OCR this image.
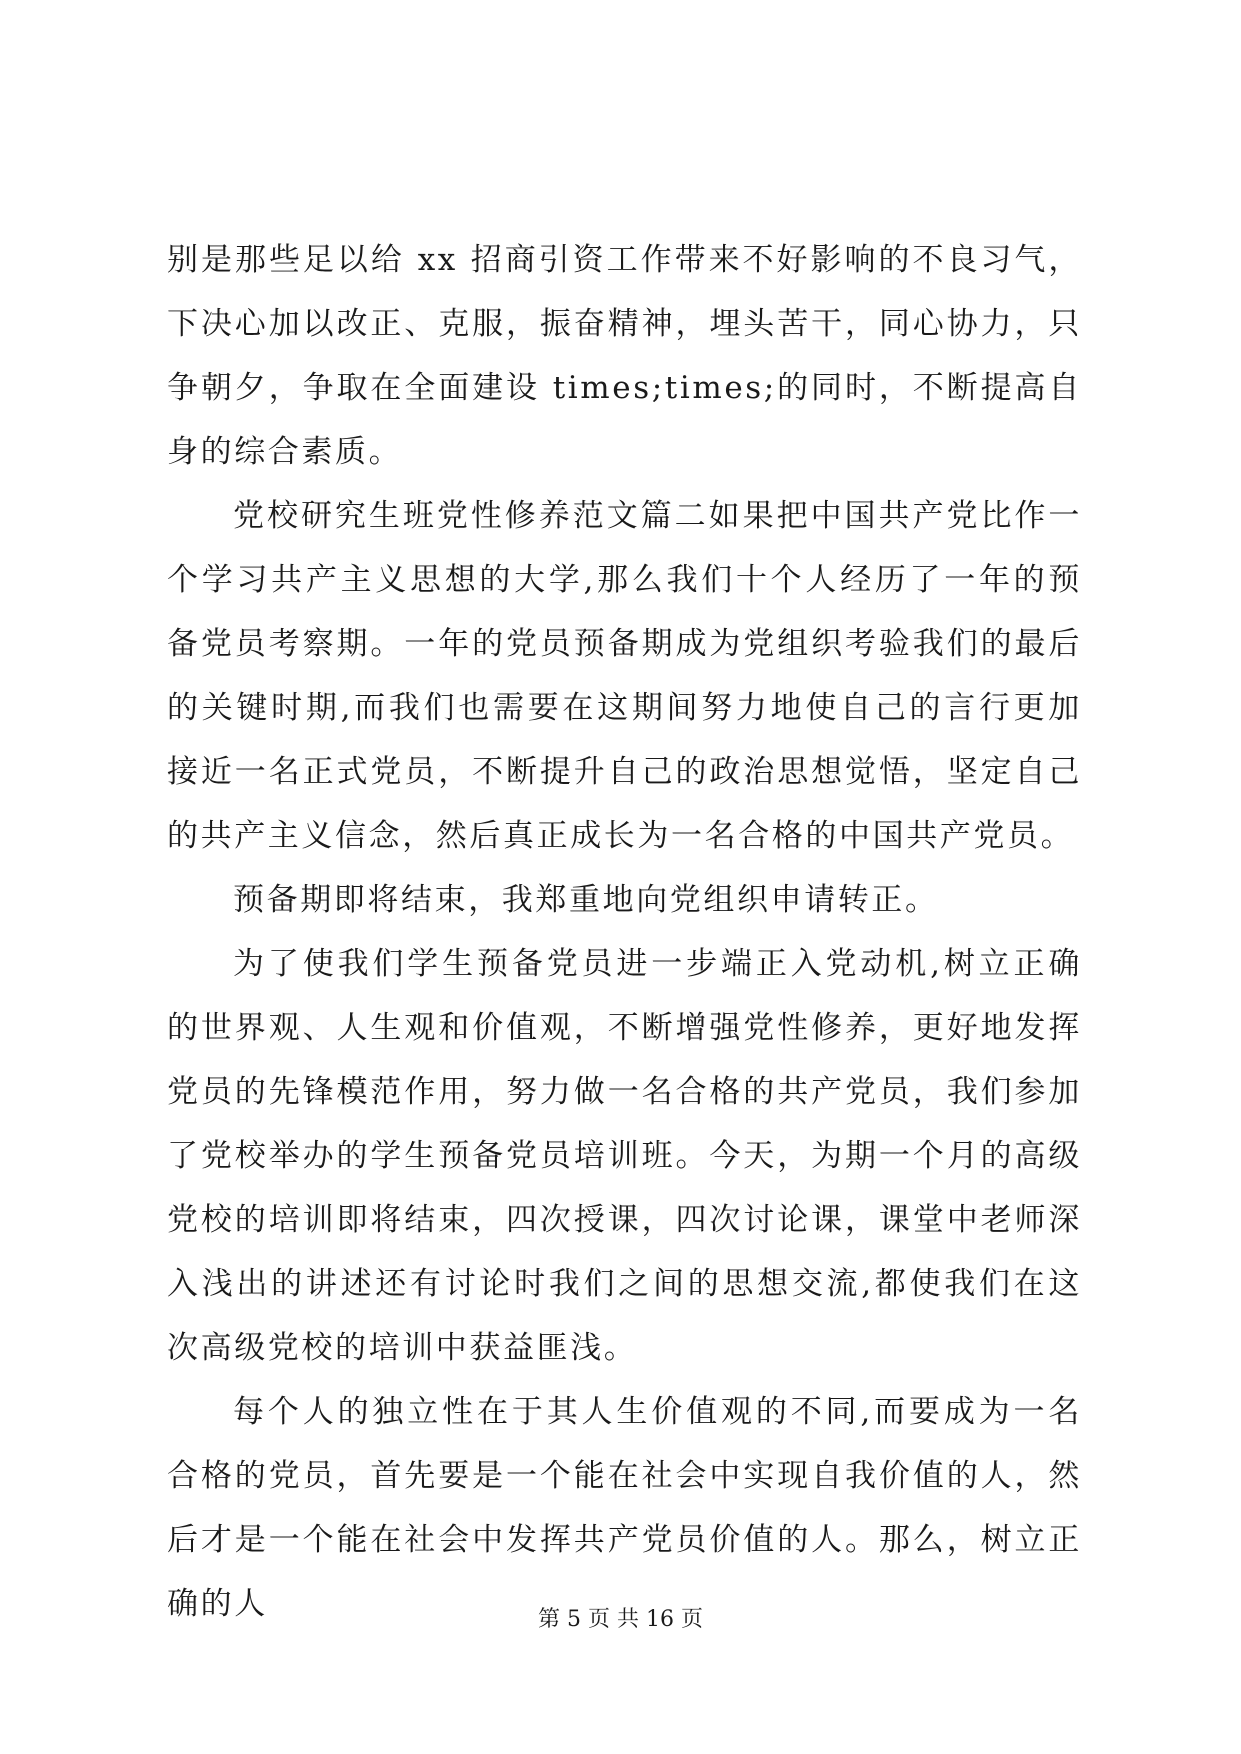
别是那些足以给 xx 招商引资工作带来不好影响的不良习气，下决心加以改正、克服，振奋精神，埋头苦干，同心协力，只争朝夕，争取在全面建设 times;times;的同时，不断提高自身的综合素质。

党校研究生班党性修养范文篇二如果把中国共产党比作一个学习共产主义思想的大学,那么我们十个人经历了一年的预备党员考察期。一年的党员预备期成为党组织考验我们的最后的关键时期,而我们也需要在这期间努力地使自己的言行更加接近一名正式党员，不断提升自己的政治思想觉悟，坚定自己的共产主义信念，然后真正成长为一名合格的中国共产党员。

预备期即将结束，我郑重地向党组织申请转正。

为了使我们学生预备党员进一步端正入党动机,树立正确的世界观、人生观和价值观，不断增强党性修养，更好地发挥党员的先锋模范作用，努力做一名合格的共产党员，我们参加了党校举办的学生预备党员培训班。今天，为期一个月的高级党校的培训即将结束，四次授课，四次讨论课，课堂中老师深入浅出的讲述还有讨论时我们之间的思想交流,都使我们在这次高级党校的培训中获益匪浅。

每个人的独立性在于其人生价值观的不同,而要成为一名合格的党员，首先要是一个能在社会中实现自我价值的人，然后才是一个能在社会中发挥共产党员价值的人。那么，树立正确的人	第 5 页 共 16 页
